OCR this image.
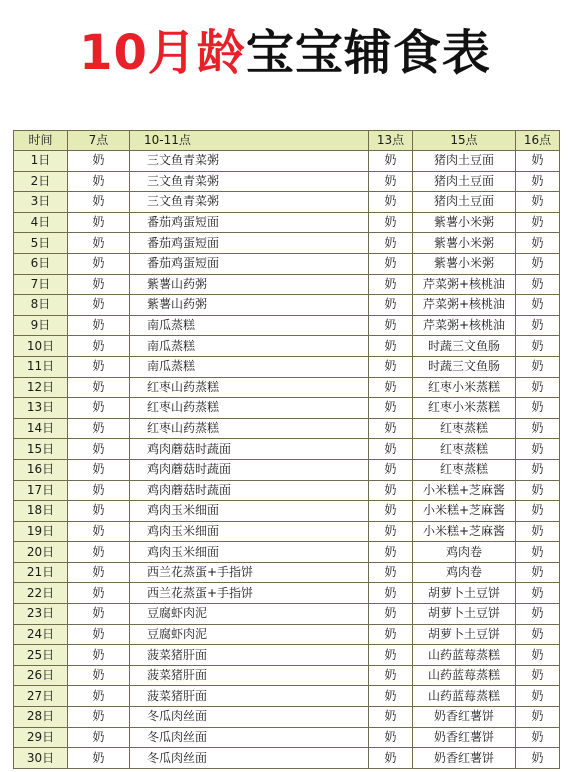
10月龄宝宝辅食表
时间	7点	10-11点	13点	15点	16点
1日	奶	三文鱼青菜粥	奶	猪肉土豆面	奶
2日	奶	三文鱼青菜粥	奶	猪肉土豆面	奶
3日	奶	三文鱼青菜粥	奶	猪肉土豆面	奶
4日	奶	番茄鸡蛋短面	奶	紫薯小米粥	奶
5日	奶	番茄鸡蛋短面	奶	紫薯小米粥	奶
6日	奶	番茄鸡蛋短面	奶	紫薯小米粥	奶
7日	奶	紫薯山药粥	奶	芹菜粥+核桃油	奶
8日	奶	紫薯山药粥	奶	芹菜粥+核桃油	奶
9日	奶	南瓜蒸糕	奶	芹菜粥+核桃油	奶
10日	奶	南瓜蒸糕	奶	时蔬三文鱼肠	奶
11日	奶	南瓜蒸糕	奶	时蔬三文鱼肠	奶
12日	奶	红枣山药蒸糕	奶	红枣小米蒸糕	奶
13日	奶	红枣山药蒸糕	奶	红枣小米蒸糕	奶
14日	奶	红枣山药蒸糕	奶	红枣蒸糕	奶
15日	奶	鸡肉蘑菇时蔬面	奶	红枣蒸糕	奶
16日	奶	鸡肉蘑菇时蔬面	奶	红枣蒸糕	奶
17日	奶	鸡肉蘑菇时蔬面	奶	小米糕+芝麻酱	奶
18日	奶	鸡肉玉米细面	奶	小米糕+芝麻酱	奶
19日	奶	鸡肉玉米细面	奶	小米糕+芝麻酱	奶
20日	奶	鸡肉玉米细面	奶	鸡肉卷	奶
21日	奶	西兰花蒸蛋+手指饼	奶	鸡肉卷	奶
22日	奶	西兰花蒸蛋+手指饼	奶	胡萝卜土豆饼	奶
23日	奶	豆腐虾肉泥	奶	胡萝卜土豆饼	奶
24日	奶	豆腐虾肉泥	奶	胡萝卜土豆饼	奶
25日	奶	菠菜猪肝面	奶	山药蓝莓蒸糕	奶
26日	奶	菠菜猪肝面	奶	山药蓝莓蒸糕	奶
27日	奶	菠菜猪肝面	奶	山药蓝莓蒸糕	奶
28日	奶	冬瓜肉丝面	奶	奶香红薯饼	奶
29日	奶	冬瓜肉丝面	奶	奶香红薯饼	奶
30日	奶	冬瓜肉丝面	奶	奶香红薯饼	奶
